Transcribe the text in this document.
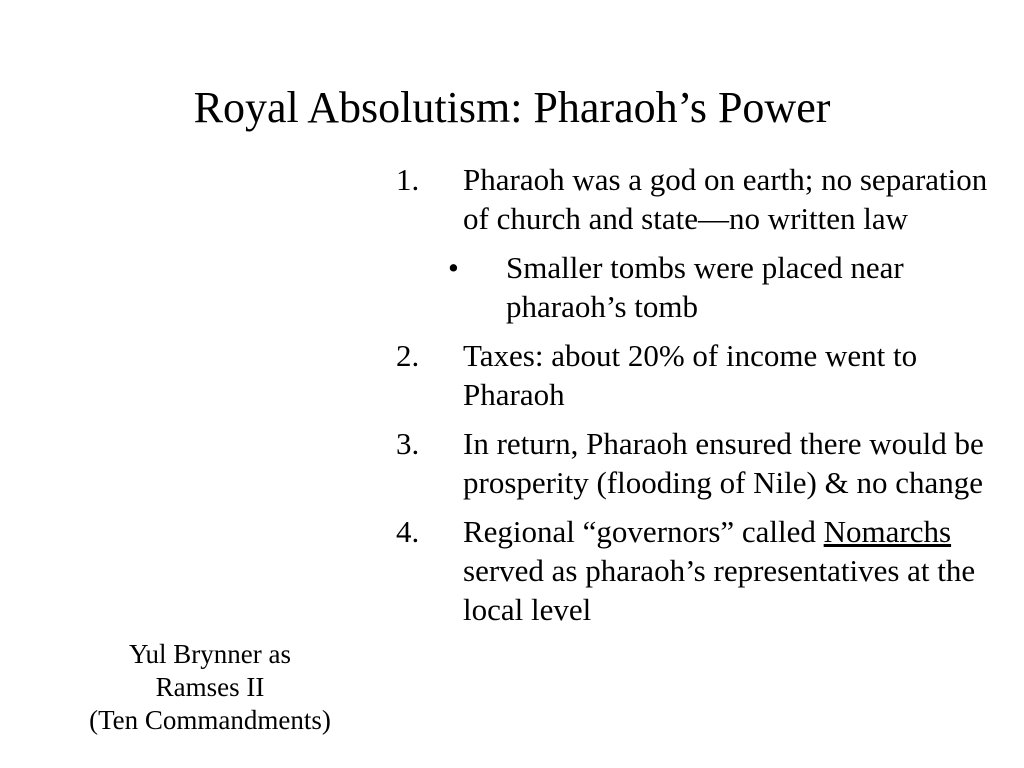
Royal Absolutism: Pharaoh’s Power
1. Pharaoh was a god on earth; no separation of church and state—no written law
• Smaller tombs were placed near pharaoh’s tomb
2. Taxes: about 20% of income went to Pharaoh
3. In return, Pharaoh ensured there would be prosperity (flooding of Nile) & no change
4. Regional “governors” called Nomarchs served as pharaoh’s representatives at the local level
Yul Brynner as
Ramses II
(Ten Commandments)
